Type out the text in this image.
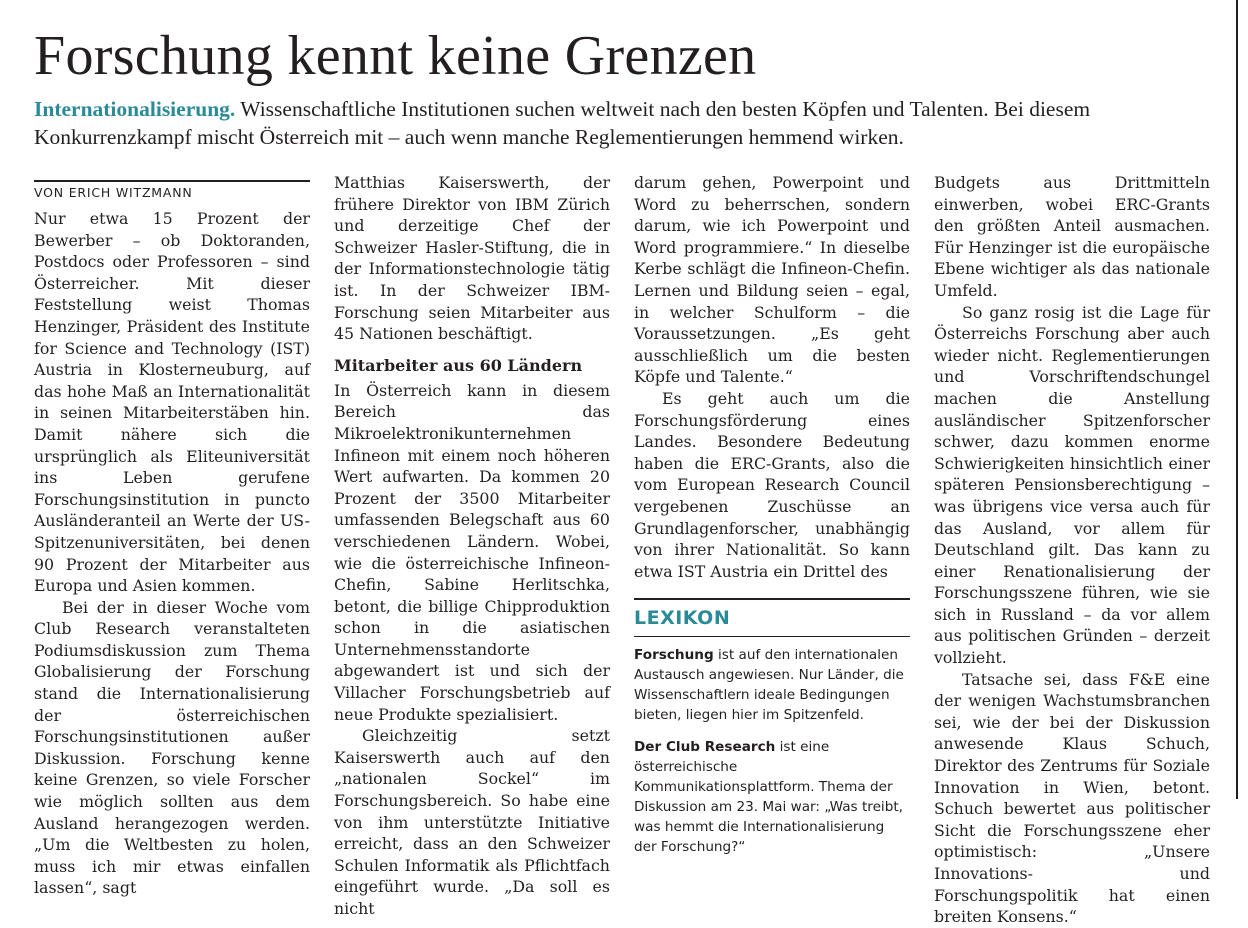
Forschung kennt keine Grenzen

Internationalisierung. Wissenschaftliche Institutionen suchen weltweit nach den besten Köpfen und Talenten. Bei diesem Konkurrenzkampf mischt Österreich mit – auch wenn manche Reglementierungen hemmend wirken.

VON ERICH WITZMANN

Nur etwa 15 Prozent der Bewerber – ob Doktoranden, Postdocs oder Professoren – sind Österreicher. Mit dieser Feststellung weist Thomas Henzinger, Präsident des Institute for Science and Technology (IST) Austria in Klosterneuburg, auf das hohe Maß an Internationalität in seinen Mitarbeiterstäben hin. Damit nähere sich die ursprünglich als Eliteuniversität ins Leben gerufene Forschungsinstitution in puncto Ausländeranteil an Werte der US-Spitzenuniversitäten, bei denen 90 Prozent der Mitarbeiter aus Europa und Asien kommen.

Bei der in dieser Woche vom Club Research veranstalteten Podiumsdiskussion zum Thema Globalisierung der Forschung stand die Internationalisierung der österreichischen Forschungsinstitutionen außer Diskussion. Forschung kenne keine Grenzen, so viele Forscher wie möglich sollten aus dem Ausland herangezogen werden. „Um die Weltbesten zu holen, muss ich mir etwas einfallen lassen“, sagt

Matthias Kaiserswerth, der frühere Direktor von IBM Zürich und derzeitige Chef der Schweizer Hasler-Stiftung, die in der Informationstechnologie tätig ist. In der Schweizer IBM-Forschung seien Mitarbeiter aus 45 Nationen beschäftigt.

Mitarbeiter aus 60 Ländern

In Österreich kann in diesem Bereich das Mikroelektronikunternehmen Infineon mit einem noch höheren Wert aufwarten. Da kommen 20 Prozent der 3500 Mitarbeiter umfassenden Belegschaft aus 60 verschiedenen Ländern. Wobei, wie die österreichische Infineon-Chefin, Sabine Herlitschka, betont, die billige Chipproduktion schon in die asiatischen Unternehmensstandorte abgewandert ist und sich der Villacher Forschungsbetrieb auf neue Produkte spezialisiert.

Gleichzeitig setzt Kaiserswerth auch auf den „nationalen Sockel“ im Forschungsbereich. So habe eine von ihm unterstützte Initiative erreicht, dass an den Schweizer Schulen Informatik als Pflichtfach eingeführt wurde. „Da soll es nicht

darum gehen, Powerpoint und Word zu beherrschen, sondern darum, wie ich Powerpoint und Word programmiere.“ In dieselbe Kerbe schlägt die Infineon-Chefin. Lernen und Bildung seien – egal, in welcher Schulform – die Voraussetzungen. „Es geht ausschließlich um die besten Köpfe und Talente.“

Es geht auch um die Forschungsförderung eines Landes. Besondere Bedeutung haben die ERC-Grants, also die vom European Research Council vergebenen Zuschüsse an Grundlagenforscher, unabhängig von ihrer Nationalität. So kann etwa IST Austria ein Drittel des

LEXIKON

Forschung ist auf den internationalen Austausch angewiesen. Nur Länder, die Wissenschaftlern ideale Bedingungen bieten, liegen hier im Spitzenfeld.

Der Club Research ist eine österreichische Kommunikationsplattform. Thema der Diskussion am 23. Mai war: „Was treibt, was hemmt die Internationalisierung der Forschung?“

Budgets aus Drittmitteln einwerben, wobei ERC-Grants den größten Anteil ausmachen. Für Henzinger ist die europäische Ebene wichtiger als das nationale Umfeld.

So ganz rosig ist die Lage für Österreichs Forschung aber auch wieder nicht. Reglementierungen und Vorschriftendschungel machen die Anstellung ausländischer Spitzenforscher schwer, dazu kommen enorme Schwierigkeiten hinsichtlich einer späteren Pensionsberechtigung – was übrigens vice versa auch für das Ausland, vor allem für Deutschland gilt. Das kann zu einer Renationalisierung der Forschungsszene führen, wie sie sich in Russland – da vor allem aus politischen Gründen – derzeit vollzieht.

Tatsache sei, dass F&E eine der wenigen Wachstumsbranchen sei, wie der bei der Diskussion anwesende Klaus Schuch, Direktor des Zentrums für Soziale Innovation in Wien, betont. Schuch bewertet aus politischer Sicht die Forschungsszene eher optimistisch: „Unsere Innovations- und Forschungspolitik hat einen breiten Konsens.“
